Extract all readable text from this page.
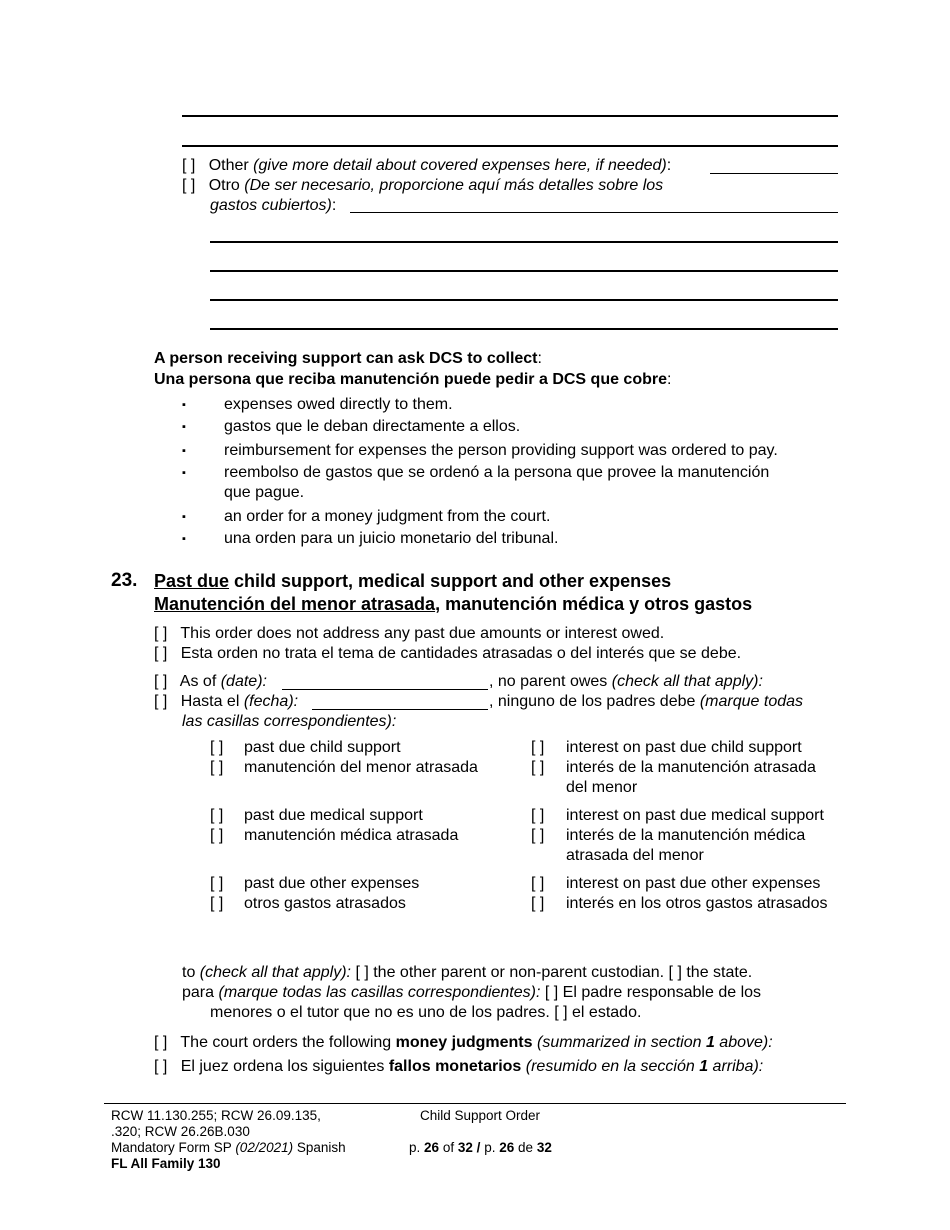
[ ] Other (give more detail about covered expenses here, if needed):
[ ] Otro (De ser necesario, proporcione aquí más detalles sobre los
gastos cubiertos):
A person receiving support can ask DCS to collect:
Una persona que reciba manutención puede pedir a DCS que cobre:
▪ expenses owed directly to them.
▪ gastos que le deban directamente a ellos.
▪ reimbursement for expenses the person providing support was ordered to pay.
▪ reembolso de gastos que se ordenó a la persona que provee la manutención
que pague.
▪ an order for a money judgment from the court.
▪ una orden para un juicio monetario del tribunal.
23. Past due child support, medical support and other expenses
Manutención del menor atrasada, manutención médica y otros gastos
[ ] This order does not address any past due amounts or interest owed.
[ ] Esta orden no trata el tema de cantidades atrasadas o del interés que se debe.
[ ] As of (date):	, no parent owes (check all that apply):
[ ] Hasta el (fecha):	, ninguno de los padres debe (marque todas
las casillas correspondientes):
[ ] past due child support
[ ] manutención del menor atrasada
[ ] past due medical support
[ ] manutención médica atrasada
[ ] past due other expenses
[ ] otros gastos atrasados
[ ] interest on past due child support
[ ] interés de la manutención atrasada
del menor
[ ] interest on past due medical support
[ ] interés de la manutención médica
atrasada del menor
[ ] interest on past due other expenses
[ ] interés en los otros gastos atrasados
to (check all that apply): [ ] the other parent or non-parent custodian. [ ] the state.
para (marque todas las casillas correspondientes): [ ] El padre responsable de los
menores o el tutor que no es uno de los padres. [ ] el estado.
[ ] The court orders the following money judgments (summarized in section 1 above):
[ ] El juez ordena los siguientes fallos monetarios (resumido en la sección 1 arriba):
RCW 11.130.255; RCW 26.09.135,
.320; RCW 26.26B.030
Mandatory Form SP (02/2021) Spanish
FL All Family 130
Child Support Order
p. 26 of 32 / p. 26 de 32
